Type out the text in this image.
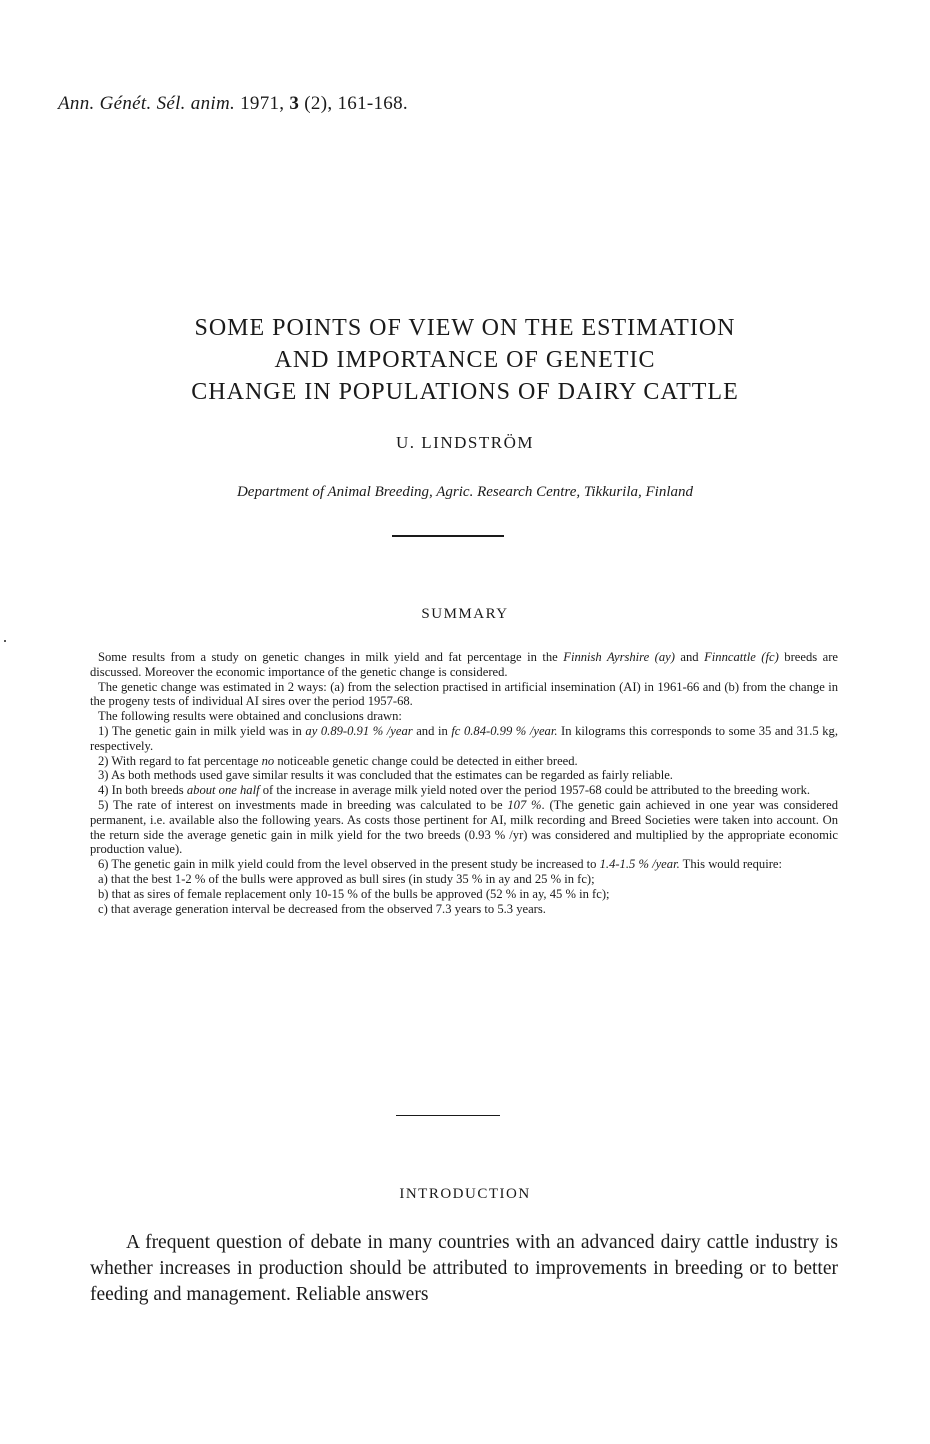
Ann. Génét. Sél. anim. 1971, 3 (2), 161-168.
SOME POINTS OF VIEW ON THE ESTIMATION
AND IMPORTANCE OF GENETIC
CHANGE IN POPULATIONS OF DAIRY CATTLE
U. LINDSTRÖM
Department of Animal Breeding, Agric. Research Centre, Tikkurila, Finland
SUMMARY

Some results from a study on genetic changes in milk yield and fat percentage in the Finnish Ayrshire (ay) and Finncattle (fc) breeds are discussed. Moreover the economic importance of the genetic change is considered.

The genetic change was estimated in 2 ways: (a) from the selection practised in artificial insemination (AI) in 1961-66 and (b) from the change in the progeny tests of individual AI sires over the period 1957-68.

The following results were obtained and conclusions drawn:

1) The genetic gain in milk yield was in ay 0.89-0.91 % /year and in fc 0.84-0.99 % /year. In kilograms this corresponds to some 35 and 31.5 kg, respectively.

2) With regard to fat percentage no noticeable genetic change could be detected in either breed.

3) As both methods used gave similar results it was concluded that the estimates can be regarded as fairly reliable.

4) In both breeds about one half of the increase in average milk yield noted over the period 1957-68 could be attributed to the breeding work.

5) The rate of interest on investments made in breeding was calculated to be 107 %. (The genetic gain achieved in one year was considered permanent, i.e. available also the following years. As costs those pertinent for AI, milk recording and Breed Societies were taken into account. On the return side the average genetic gain in milk yield for the two breeds (0.93 % /yr) was considered and multiplied by the appropriate economic production value).

6) The genetic gain in milk yield could from the level observed in the present study be increased to 1.4-1.5 % /year. This would require:

a) that the best 1-2 % of the bulls were approved as bull sires (in study 35 % in ay and 25 % in fc);

b) that as sires of female replacement only 10-15 % of the bulls be approved (52 % in ay, 45 % in fc);

c) that average generation interval be decreased from the observed 7.3 years to 5.3 years.

INTRODUCTION

A frequent question of debate in many countries with an advanced dairy cattle industry is whether increases in production should be attributed to improvements in breeding or to better feeding and management. Reliable answers
